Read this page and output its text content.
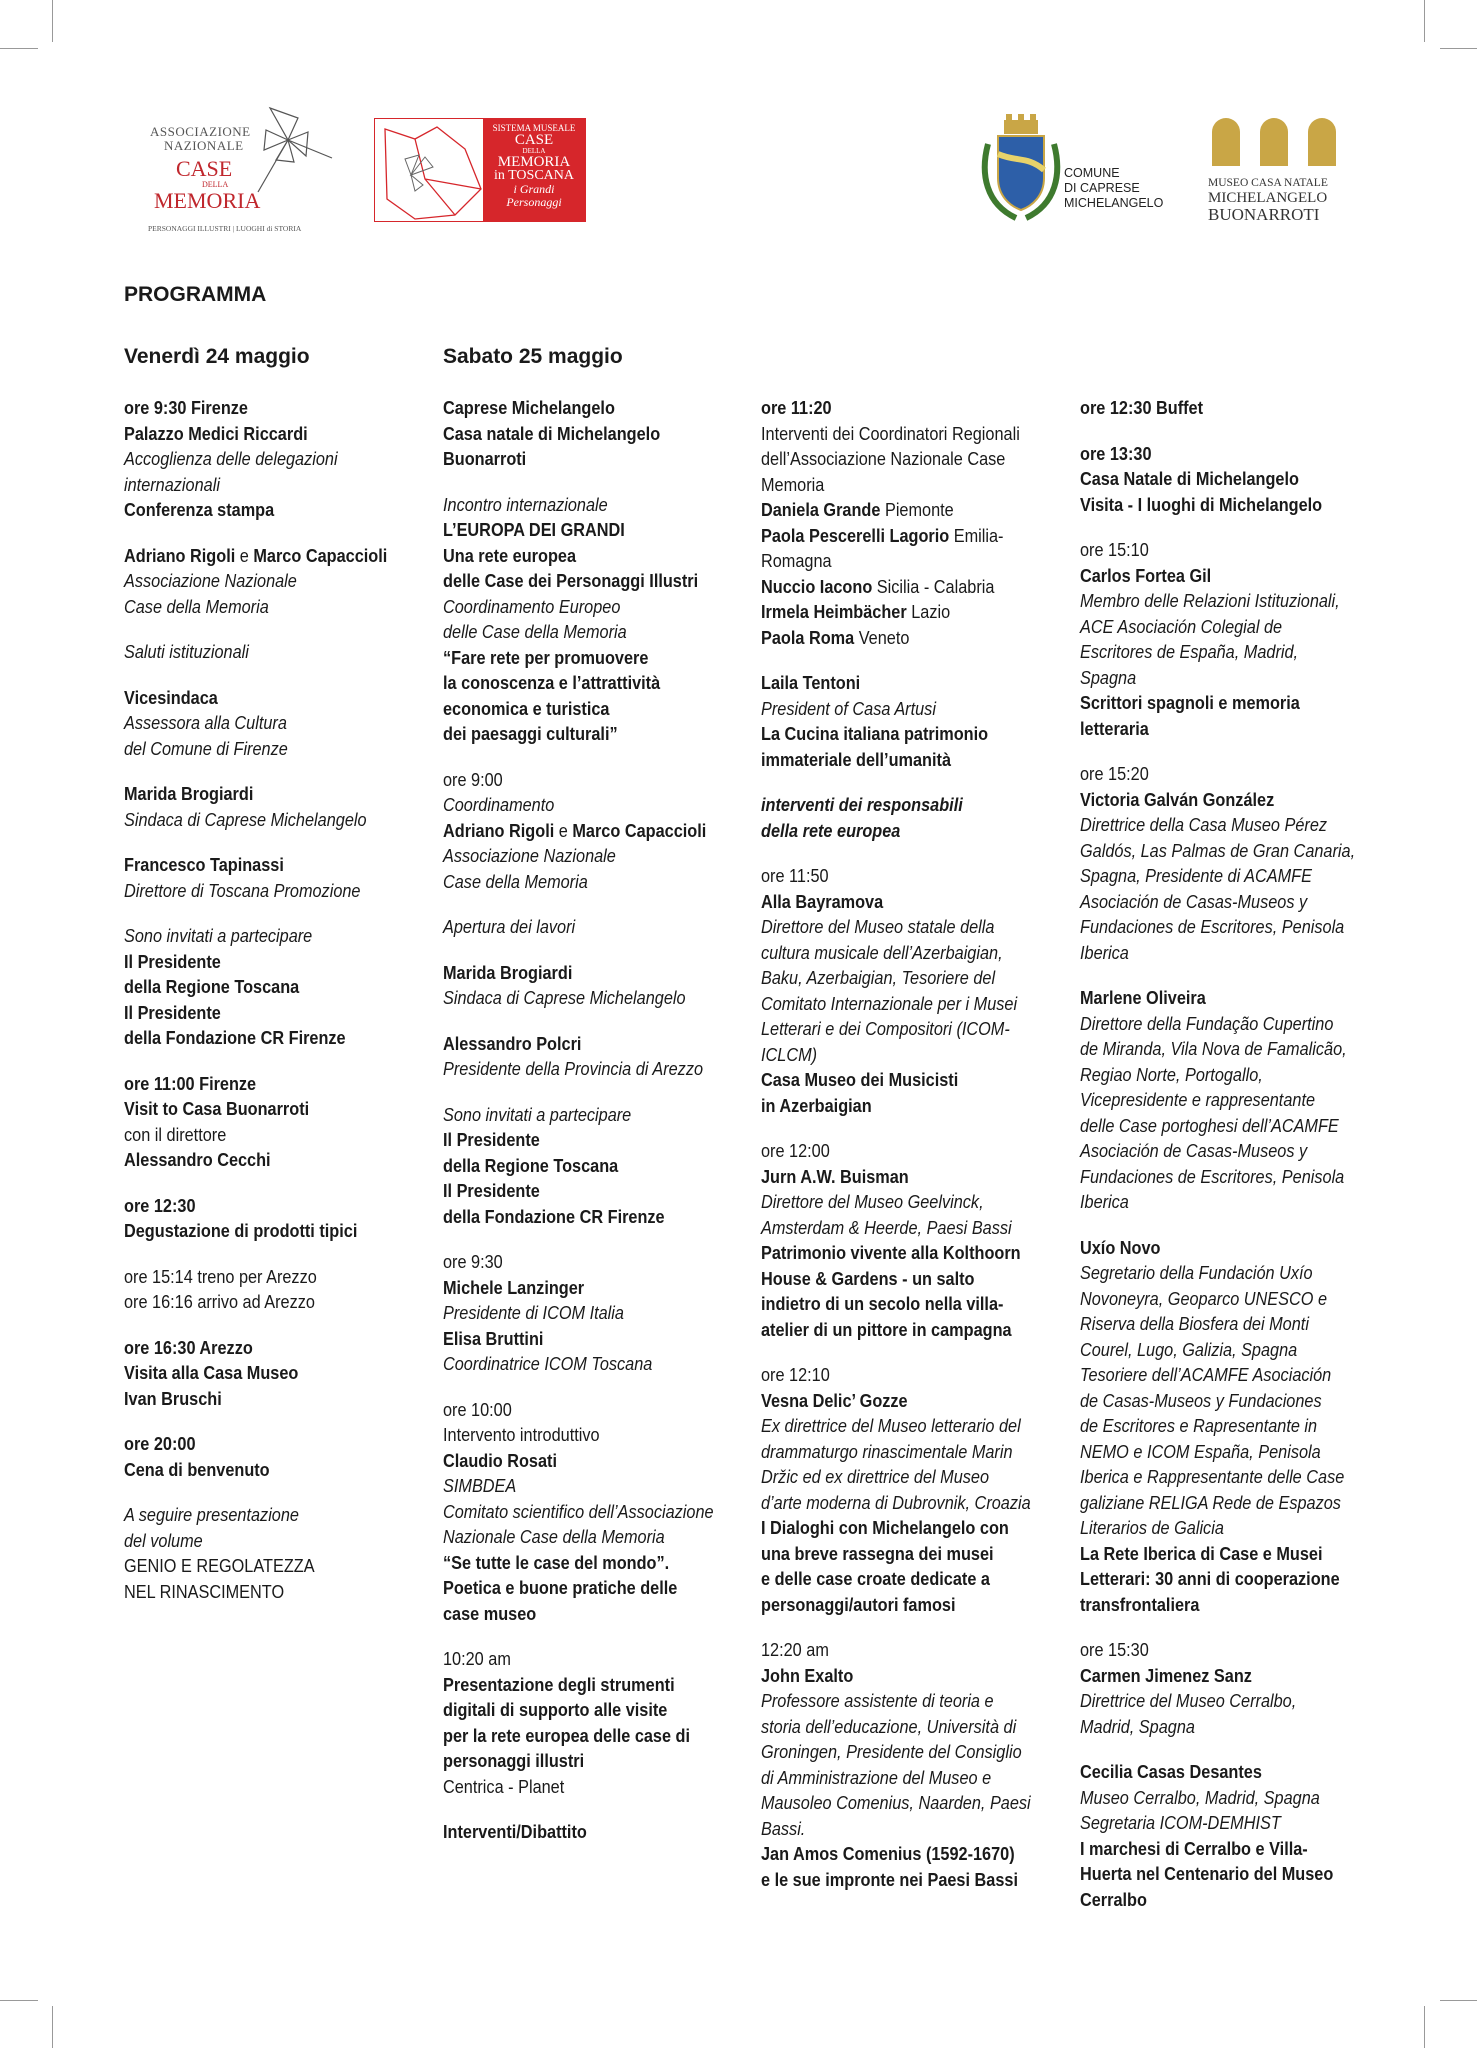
ASSOCIAZIONE
NAZIONALE
CASE
DELLA
MEMORIA
PERSONAGGI ILLUSTRI | LUOGHI di STORIA
SISTEMA MUSEALE
CASE
DELLA
MEMORIA
in TOSCANA
i Grandi
Personaggi
COMUNE
DI CAPRESE
MICHELANGELO
MUSEO CASA NATALE
MICHELANGELO
BUONARROTI
PROGRAMMA
Venerdì 24 maggio	Sabato 25 maggio

ore 9:30 Firenze
Palazzo Medici Riccardi
Accoglienza delle delegazioni
internazionali
Conferenza stampa

Adriano Rigoli e Marco Capaccioli
Associazione Nazionale
Case della Memoria

Saluti istituzionali

Vicesindaca
Assessora alla Cultura
del Comune di Firenze

Marida Brogiardi
Sindaca di Caprese Michelangelo

Francesco Tapinassi
Direttore di Toscana Promozione

Sono invitati a partecipare
Il Presidente
della Regione Toscana
Il Presidente
della Fondazione CR Firenze

ore 11:00 Firenze
Visit to Casa Buonarroti
con il direttore
Alessandro Cecchi

ore 12:30
Degustazione di prodotti tipici

ore 15:14 treno per Arezzo
ore 16:16 arrivo ad Arezzo

ore 16:30 Arezzo
Visita alla Casa Museo
Ivan Bruschi

ore 20:00
Cena di benvenuto

A seguire presentazione
del volume
GENIO E REGOLATEZZA
NEL RINASCIMENTO

Caprese Michelangelo
Casa natale di Michelangelo
Buonarroti

Incontro internazionale
L’EUROPA DEI GRANDI
Una rete europea
delle Case dei Personaggi Illustri
Coordinamento Europeo
delle Case della Memoria
“Fare rete per promuovere
la conoscenza e l’attrattività
economica e turistica
dei paesaggi culturali”

ore 9:00
Coordinamento
Adriano Rigoli e Marco Capaccioli
Associazione Nazionale
Case della Memoria

Apertura dei lavori

Marida Brogiardi
Sindaca di Caprese Michelangelo

Alessandro Polcri
Presidente della Provincia di Arezzo

Sono invitati a partecipare
Il Presidente
della Regione Toscana
Il Presidente
della Fondazione CR Firenze

ore 9:30
Michele Lanzinger
Presidente di ICOM Italia
Elisa Bruttini
Coordinatrice ICOM Toscana

ore 10:00
Intervento introduttivo
Claudio Rosati
SIMBDEA
Comitato scientifico dell’Associazione
Nazionale Case della Memoria
“Se tutte le case del mondo”.
Poetica e buone pratiche delle
case museo

10:20 am
Presentazione degli strumenti
digitali di supporto alle visite
per la rete europea delle case di
personaggi illustri
Centrica - Planet

Interventi/Dibattito

ore 11:20
Interventi dei Coordinatori Regionali
dell’Associazione Nazionale Case
Memoria
Daniela Grande Piemonte
Paola Pescerelli Lagorio Emilia-
Romagna
Nuccio Iacono Sicilia - Calabria
Irmela Heimbächer Lazio
Paola Roma Veneto

Laila Tentoni
President of Casa Artusi
La Cucina italiana patrimonio
immateriale dell’umanità

interventi dei responsabili
della rete europea

ore 11:50
Alla Bayramova
Direttore del Museo statale della
cultura musicale dell’Azerbaigian,
Baku, Azerbaigian, Tesoriere del
Comitato Internazionale per i Musei
Letterari e dei Compositori (ICOM-
ICLCM)
Casa Museo dei Musicisti
in Azerbaigian

ore 12:00
Jurn A.W. Buisman
Direttore del Museo Geelvinck,
Amsterdam & Heerde, Paesi Bassi
Patrimonio vivente alla Kolthoorn
House & Gardens - un salto
indietro di un secolo nella villa-
atelier di un pittore in campagna

ore 12:10
Vesna Delic’ Gozze
Ex direttrice del Museo letterario del
drammaturgo rinascimentale Marin
Držic ed ex direttrice del Museo
d’arte moderna di Dubrovnik, Croazia
I Dialoghi con Michelangelo con
una breve rassegna dei musei
e delle case croate dedicate a
personaggi/autori famosi

12:20 am
John Exalto
Professore assistente di teoria e
storia dell’educazione, Università di
Groningen, Presidente del Consiglio
di Amministrazione del Museo e
Mausoleo Comenius, Naarden, Paesi
Bassi.
Jan Amos Comenius (1592-1670)
e le sue impronte nei Paesi Bassi

ore 12:30 Buffet

ore 13:30
Casa Natale di Michelangelo
Visita - I luoghi di Michelangelo

ore 15:10
Carlos Fortea Gil
Membro delle Relazioni Istituzionali,
ACE Asociación Colegial de
Escritores de España, Madrid,
Spagna
Scrittori spagnoli e memoria
letteraria

ore 15:20
Victoria Galván González
Direttrice della Casa Museo Pérez
Galdós, Las Palmas de Gran Canaria,
Spagna, Presidente di ACAMFE
Asociación de Casas-Museos y
Fundaciones de Escritores, Penisola
Iberica

Marlene Oliveira
Direttore della Fundação Cupertino
de Miranda, Vila Nova de Famalicão,
Regiao Norte, Portogallo,
Vicepresidente e rappresentante
delle Case portoghesi dell’ACAMFE
Asociación de Casas-Museos y
Fundaciones de Escritores, Penisola
Iberica

Uxío Novo
Segretario della Fundación Uxío
Novoneyra, Geoparco UNESCO e
Riserva della Biosfera dei Monti
Courel, Lugo, Galizia, Spagna
Tesoriere dell’ACAMFE Asociación
de Casas-Museos y Fundaciones
de Escritores e Rapresentante in
NEMO e ICOM España, Penisola
Iberica e Rappresentante delle Case
galiziane RELIGA Rede de Espazos
Literarios de Galicia
La Rete Iberica di Case e Musei
Letterari: 30 anni di cooperazione
transfrontaliera

ore 15:30
Carmen Jimenez Sanz
Direttrice del Museo Cerralbo,
Madrid, Spagna

Cecilia Casas Desantes
Museo Cerralbo, Madrid, Spagna
Segretaria ICOM-DEMHIST
I marchesi di Cerralbo e Villa-
Huerta nel Centenario del Museo
Cerralbo
